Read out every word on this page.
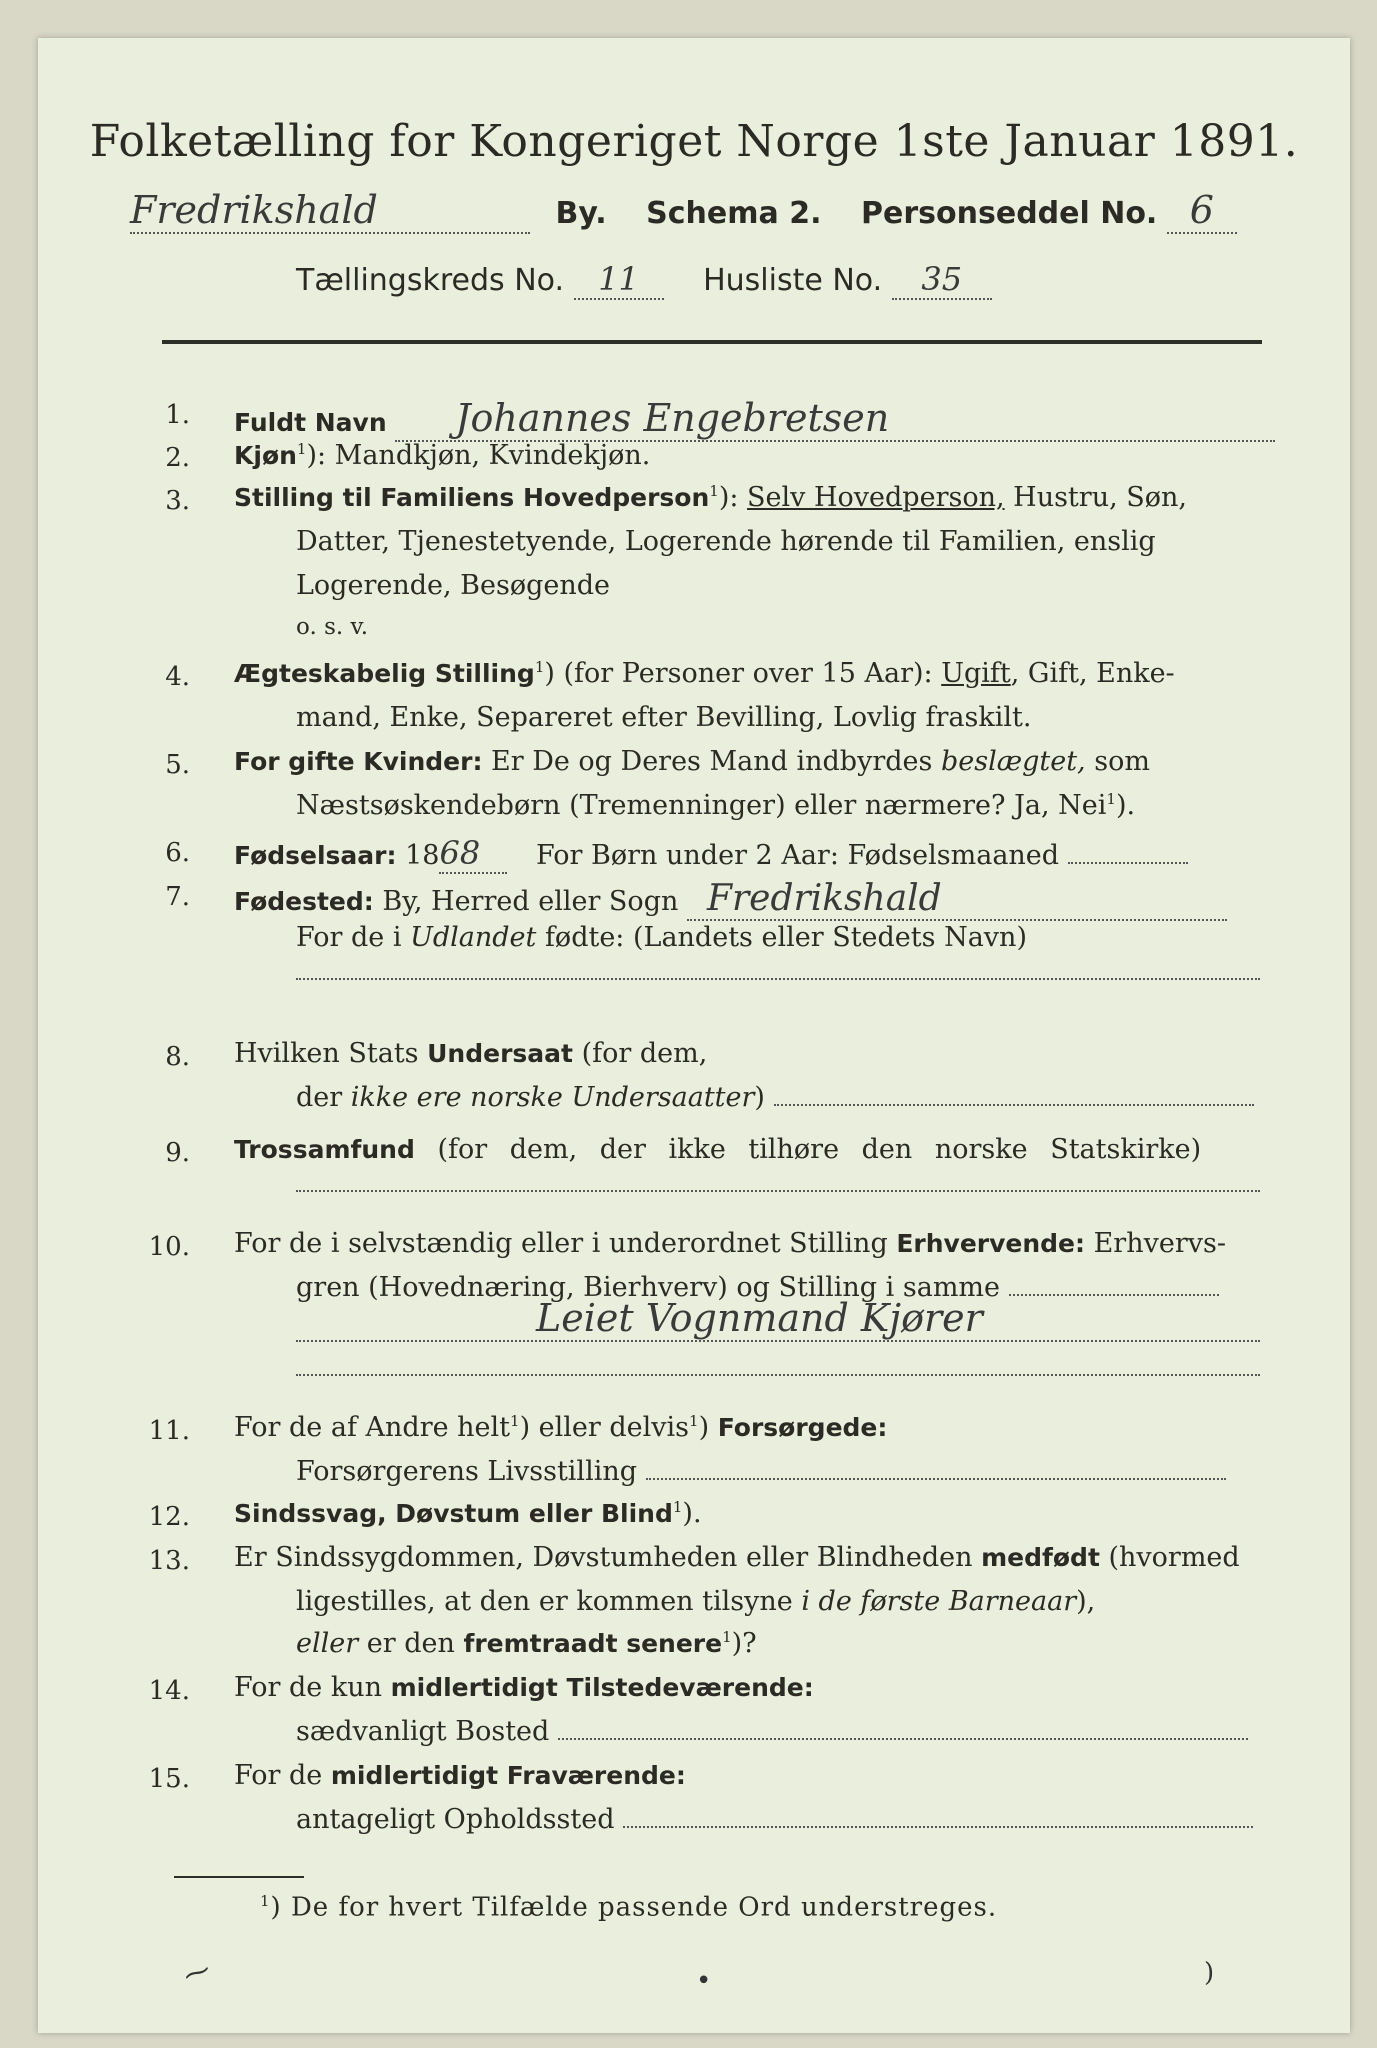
Folketælling for Kongeriget Norge 1ste Januar 1891.
Fredrikshald	By. Schema 2. Personseddel No. 6
Tællingskreds No. 11 Husliste No. 35
1. Fuldt Navn Johannes Engebretsen
2. Kjøn$^1$): Mandkjøn, Kvindekjøn.
3. Stilling til Familiens Hovedperson$^1$): Selv Hovedperson, Hustru, Søn,
Datter, Tjenestetyende, Logerende hørende til Familien, enslig
Logerende, Besøgende
o. s. v.
4. Ægteskabelig Stilling$^1$) (for Personer over 15 Aar): Ugift, Gift, Enke-
mand, Enke, Separeret efter Bevilling, Lovlig fraskilt.
5. For gifte Kvinder: Er De og Deres Mand indbyrdes beslægtet, som
Næstsøskendebørn (Tremenninger) eller nærmere? Ja, Nei$^1$).
6. Fødselsaar: 1868 For Børn under 2 Aar: Fødselsmaaned
7. Fødested: By, Herred eller Sogn Fredrikshald
For de i Udlandet fødte: (Landets eller Stedets Navn)
8. Hvilken Stats Undersaat (for dem,
der ikke ere norske Undersaatter)
9. Trossamfund (for dem, der ikke tilhøre den norske Statskirke)
10. For de i selvstændig eller i underordnet Stilling Erhvervende: Erhvervs-
gren (Hovednæring, Bierhverv) og Stilling i samme
Leiet Vognmand Kjører
11. For de af Andre helt$^1$) eller delvis$^1$) Forsørgede:
Forsørgerens Livsstilling
12. Sindssvag, Døvstum eller Blind$^1$).
13. Er Sindssygdommen, Døvstumheden eller Blindheden medfødt (hvormed
ligestilles, at den er kommen tilsyne i de første Barneaar),
eller er den fremtraadt senere$^1$)?
14. For de kun midlertidigt Tilstedeværende:
sædvanligt Bosted
15. For de midlertidigt Fraværende:
antageligt Opholdssted
$^1$) De for hvert Tilfælde passende Ord understreges.
⁓	•	)
